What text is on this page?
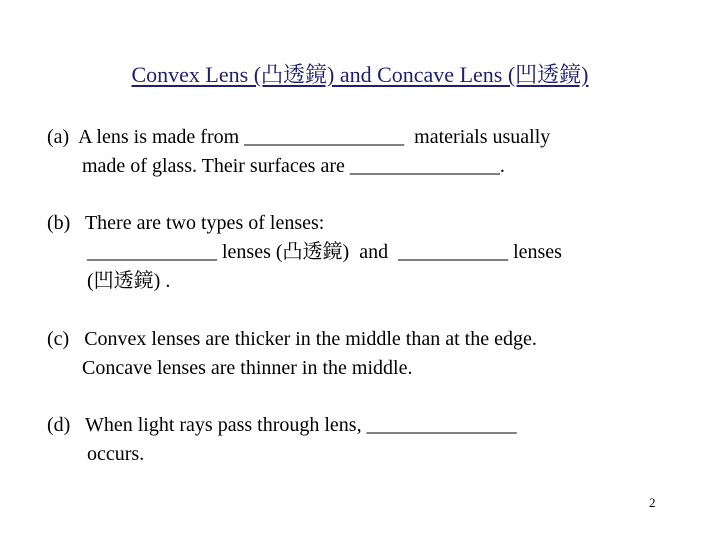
Convex Lens (凸透鏡) and Concave Lens (凹透鏡)
(a)  A lens is made from ________________  materials usually
made of glass. Their surfaces are _______________.
(b)   There are two types of lenses:
_____________ lenses (凸透鏡)  and  ___________ lenses
(凹透鏡) .
(c)   Convex lenses are thicker in the middle than at the edge.
Concave lenses are thinner in the middle.
(d)   When light rays pass through lens, _______________
occurs.
2
